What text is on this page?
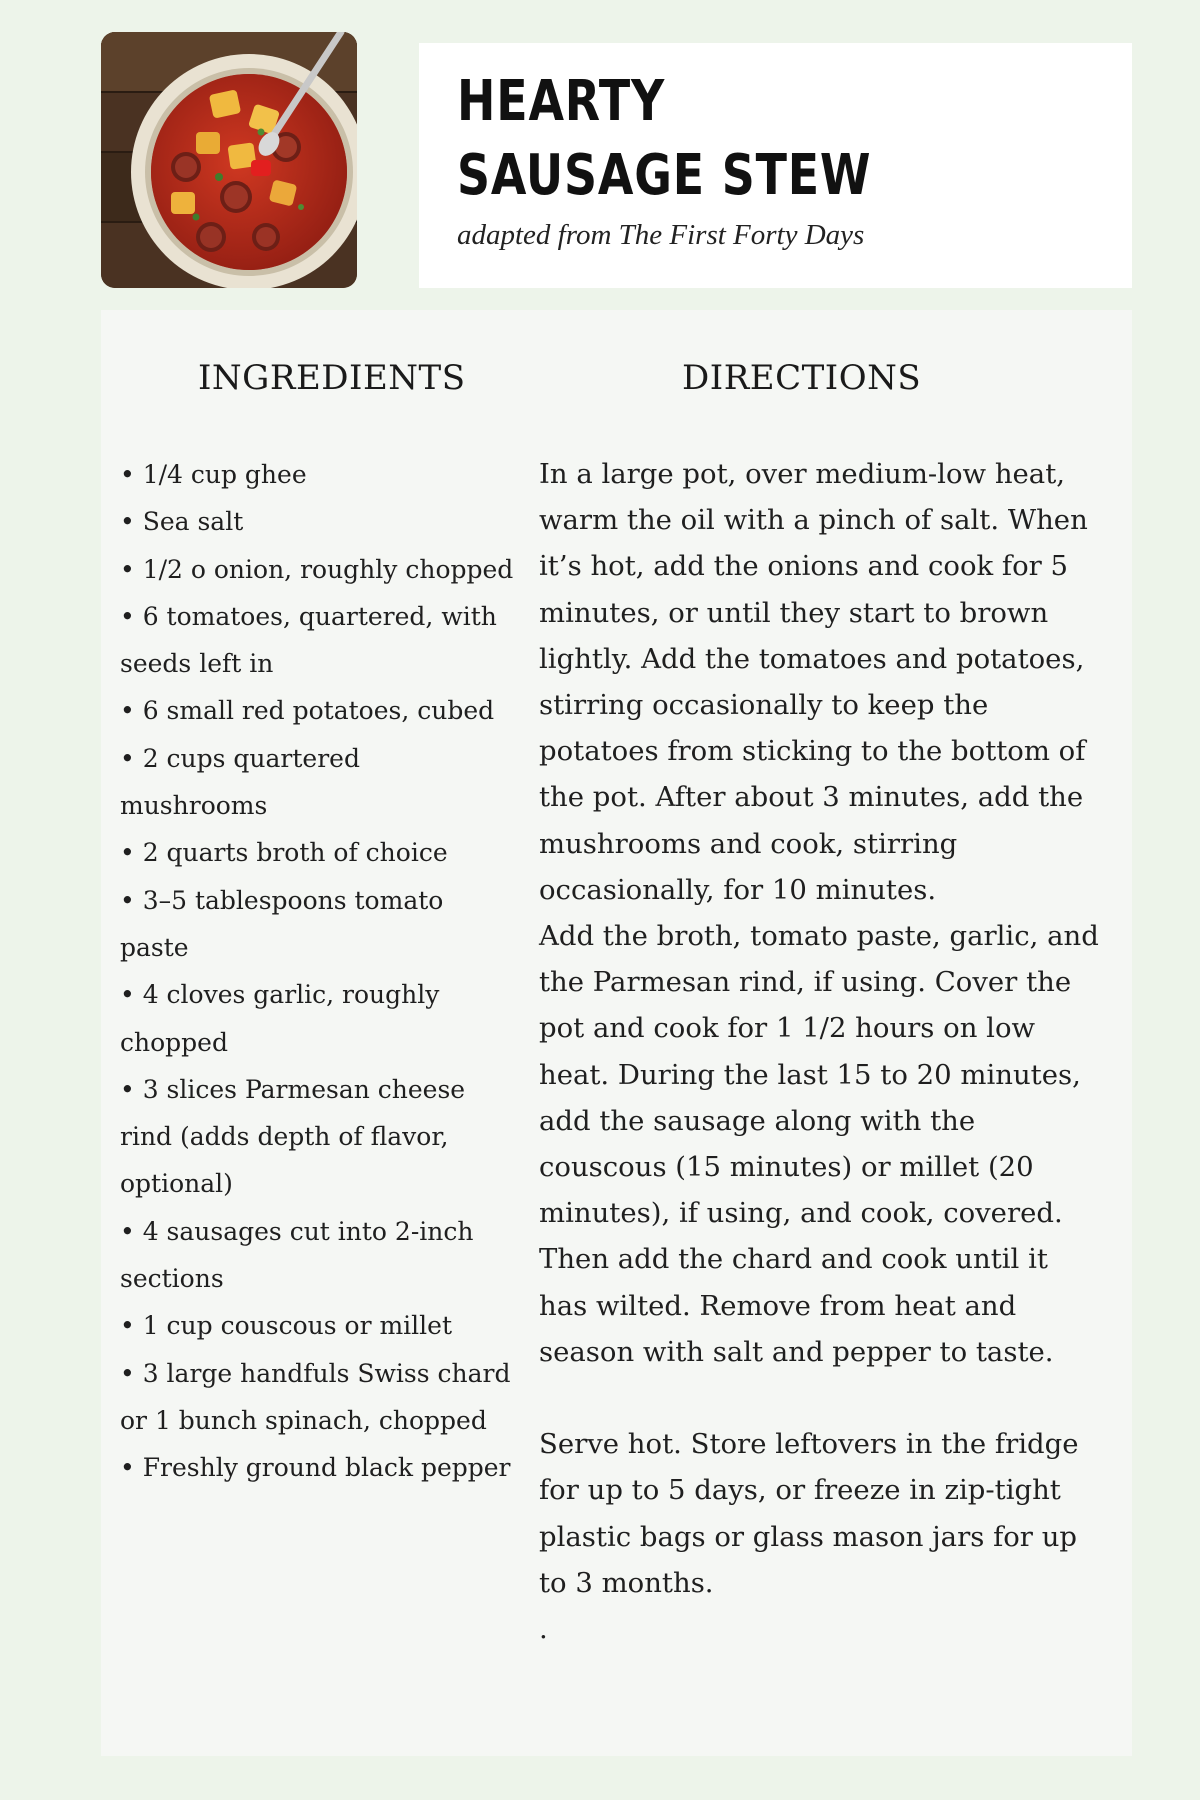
HEARTY SAUSAGE STEW

adapted from The First Forty Days

INGREDIENTS	DIRECTIONS
• 1/4 cup ghee
• Sea salt
• 1/2 o onion, roughly chopped
• 6 tomatoes, quartered, with seeds left in
• 6 small red potatoes, cubed
• 2 cups quartered mushrooms
• 2 quarts broth of choice
• 3–5 tablespoons tomato paste
• 4 cloves garlic, roughly chopped
• 3 slices Parmesan cheese rind (adds depth of flavor, optional)
• 4 sausages cut into 2-inch sections
• 1 cup couscous or millet
• 3 large handfuls Swiss chard or 1 bunch spinach, chopped
• Freshly ground black pepper

In a large pot, over medium-low heat, warm the oil with a pinch of salt. When it’s hot, add the onions and cook for 5 minutes, or until they start to brown lightly. Add the tomatoes and potatoes, stirring occasionally to keep the potatoes from sticking to the bottom of the pot. After about 3 minutes, add the mushrooms and cook, stirring occasionally, for 10 minutes.

Add the broth, tomato paste, garlic, and the Parmesan rind, if using. Cover the pot and cook for 1 1/2 hours on low heat. During the last 15 to 20 minutes, add the sausage along with the couscous (15 minutes) or millet (20 minutes), if using, and cook, covered. Then add the chard and cook until it has wilted. Remove from heat and season with salt and pepper to taste.

Serve hot. Store leftovers in the fridge for up to 5 days, or freeze in zip-tight plastic bags or glass mason jars for up to 3 months.

.
